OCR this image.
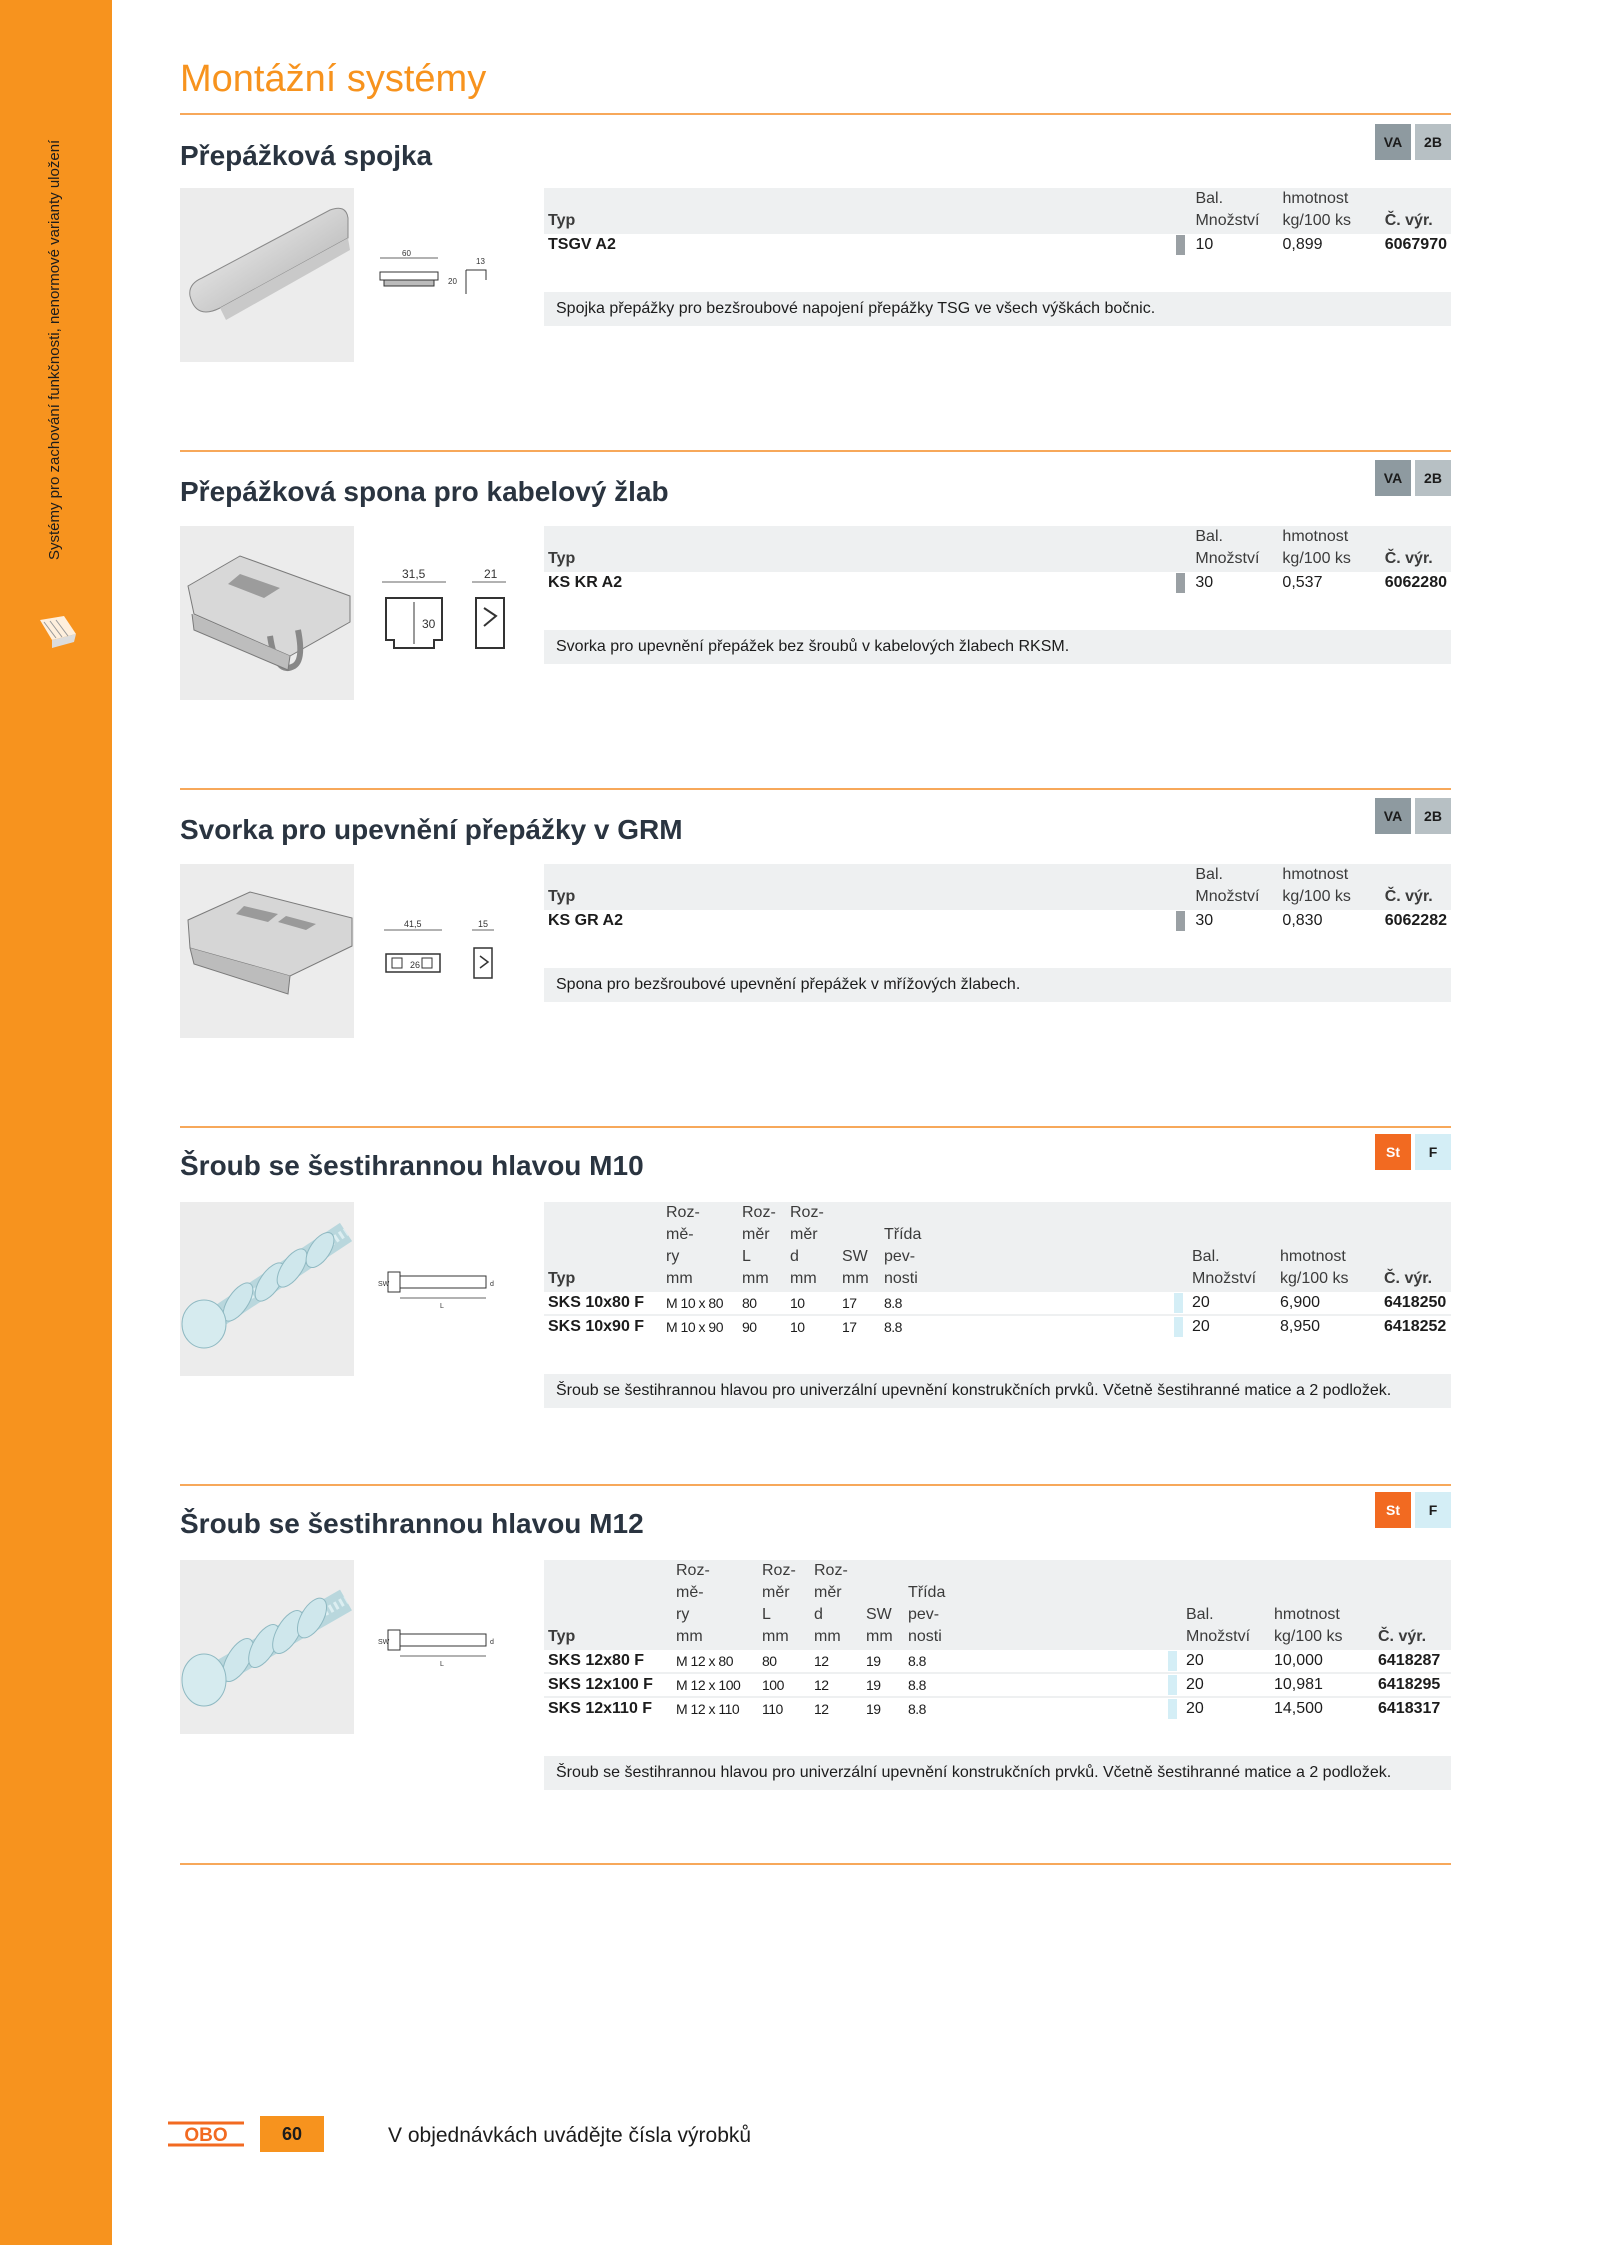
Systémy pro zachování funkčnosti, nenormové varianty uložení
Montážní systémy
Přepážková spojka	VA	2B
60
13
20
			Bal.	hmotnost	
Typ			Množství	kg/100 ks	Č. výr.
TSGV A2			10	0,899	6067970
Spojka přepážky pro bezšroubové napojení přepážky TSG ve všech výškách bočnic.
Přepážková spona pro kabelový žlab	VA	2B
31,5
30
21
			Bal.	hmotnost	
Typ			Množství	kg/100 ks	Č. výr.
KS KR A2			30	0,537	6062280
Svorka pro upevnění přepážek bez šroubů v kabelových žlabech RKSM.
Svorka pro upevnění přepážky v GRM	VA	2B
41,5
26
15
			Bal.	hmotnost	
Typ			Množství	kg/100 ks	Č. výr.
KS GR A2			30	0,830	6062282
Spona pro bezšroubové upevnění přepážek v mřížových žlabech.
Šroub se šestihrannou hlavou M10	St	F
SW
L
d
	Roz-	Roz-	Roz-							
	mě-	měr	měr		Třída					
	ry	L	d	SW	pev-			Bal.	hmotnost	
Typ	mm	mm	mm	mm	nosti			Množství	kg/100 ks	Č. výr.
SKS 10x80 F	M 10 x 80	80	10	17	8.8			20	6,900	6418250
SKS 10x90 F	M 10 x 90	90	10	17	8.8			20	8,950	6418252
Šroub se šestihrannou hlavou pro univerzální upevnění konstrukčních prvků. Včetně šestihranné matice a 2 podložek.
Šroub se šestihrannou hlavou M12	St	F
SW
L
d
	Roz-	Roz-	Roz-							
	mě-	měr	měr		Třída					
	ry	L	d	SW	pev-			Bal.	hmotnost	
Typ	mm	mm	mm	mm	nosti			Množství	kg/100 ks	Č. výr.
SKS 12x80 F	M 12 x 80	80	12	19	8.8			20	10,000	6418287
SKS 12x100 F	M 12 x 100	100	12	19	8.8			20	10,981	6418295
SKS 12x110 F	M 12 x 110	110	12	19	8.8			20	14,500	6418317
Šroub se šestihrannou hlavou pro univerzální upevnění konstrukčních prvků. Včetně šestihranné matice a 2 podložek.
OBO	60	V objednávkách uvádějte čísla výrobků
